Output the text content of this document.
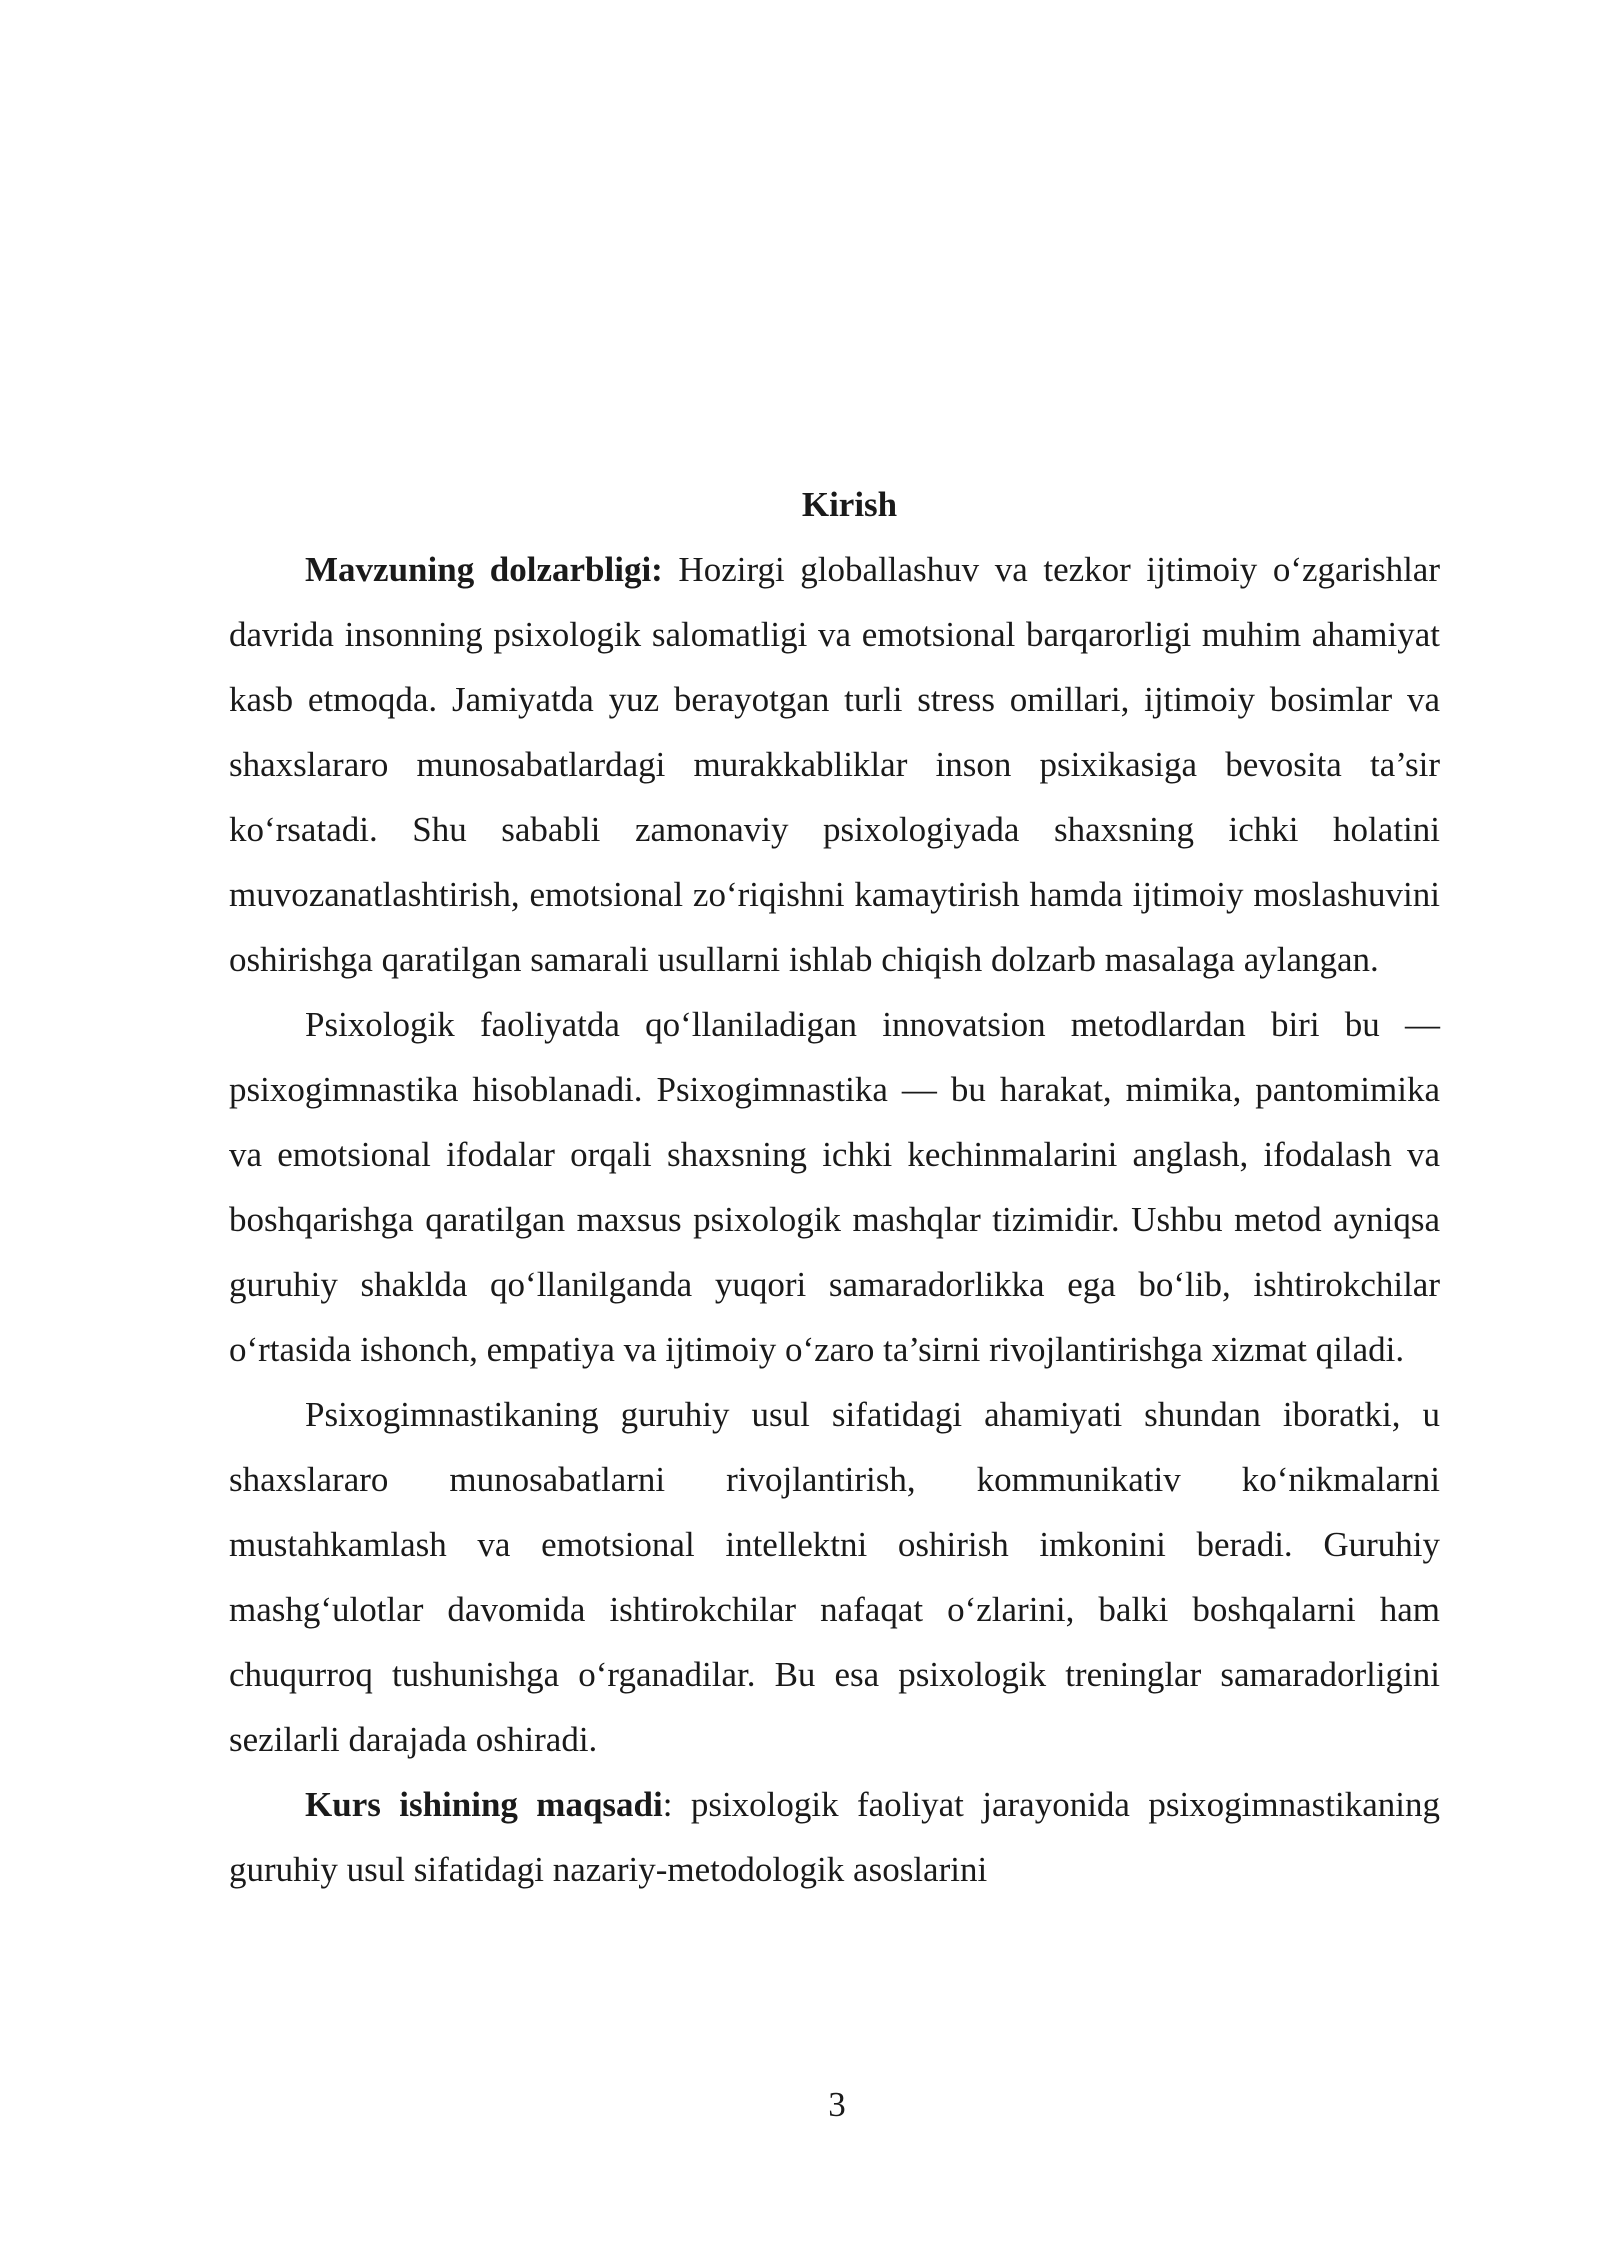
Kirish

Mavzuning dolzarbligi: Hozirgi globallashuv va tezkor ijtimoiy o‘zgarishlar davrida insonning psixologik salomatligi va emotsional barqarorligi muhim ahamiyat kasb etmoqda. Jamiyatda yuz berayotgan turli stress omillari, ijtimoiy bosimlar va shaxslararo munosabatlardagi murakkabliklar inson psixikasiga bevosita ta’sir ko‘rsatadi. Shu sababli zamonaviy psixologiyada shaxsning ichki holatini muvozanatlashtirish, emotsional zo‘riqishni kamaytirish hamda ijtimoiy moslashuvini oshirishga qaratilgan samarali usullarni ishlab chiqish dolzarb masalaga aylangan.

Psixologik faoliyatda qo‘llaniladigan innovatsion metodlardan biri bu — psixogimnastika hisoblanadi. Psixogimnastika — bu harakat, mimika, pantomimika va emotsional ifodalar orqali shaxsning ichki kechinmalarini anglash, ifodalash va boshqarishga qaratilgan maxsus psixologik mashqlar tizimidir. Ushbu metod ayniqsa guruhiy shaklda qo‘llanilganda yuqori samaradorlikka ega bo‘lib, ishtirokchilar o‘rtasida ishonch, empatiya va ijtimoiy o‘zaro ta’sirni rivojlantirishga xizmat qiladi.

Psixogimnastikaning guruhiy usul sifatidagi ahamiyati shundan iboratki, u shaxslararo munosabatlarni rivojlantirish, kommunikativ ko‘nikmalarni mustahkamlash va emotsional intellektni oshirish imkonini beradi. Guruhiy mashg‘ulotlar davomida ishtirokchilar nafaqat o‘zlarini, balki boshqalarni ham chuqurroq tushunishga o‘rganadilar. Bu esa psixologik treninglar samaradorligini sezilarli darajada oshiradi.

Kurs ishining maqsadi: psixologik faoliyat jarayonida psixogimnastikaning guruhiy usul sifatidagi nazariy-metodologik asoslarini

3
